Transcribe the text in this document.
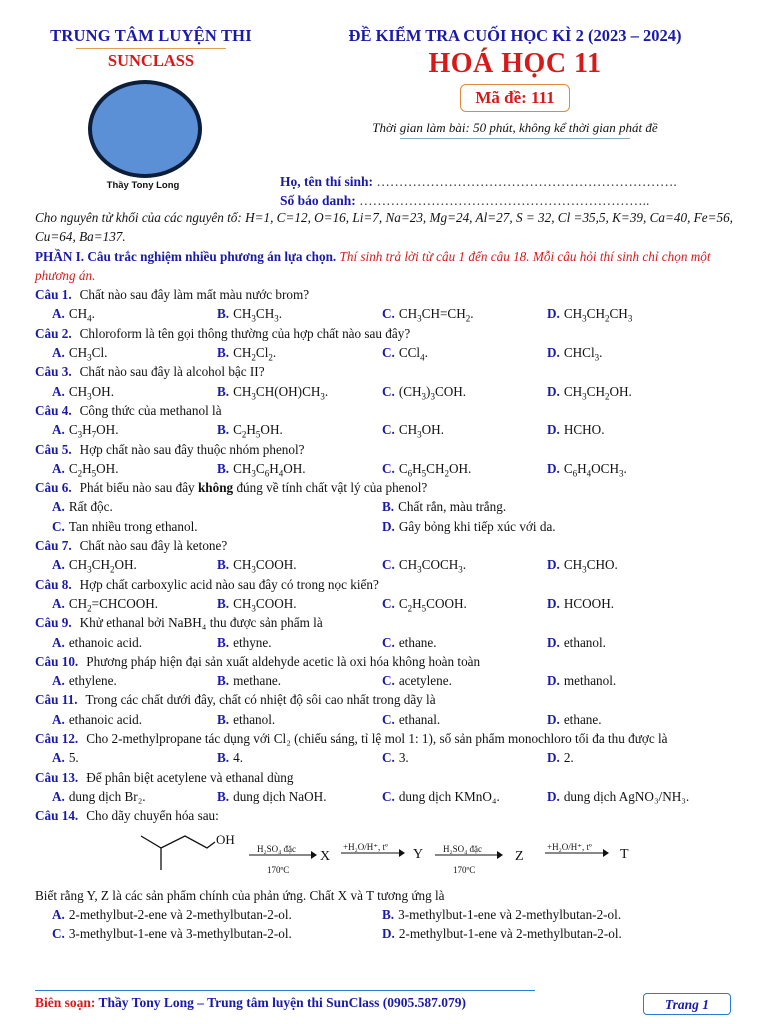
TRUNG TÂM LUYỆN THI
SUNCLASS
Thầy Tony Long
ĐỀ KIỂM TRA CUỐI HỌC KÌ 2 (2023 – 2024)
HOÁ HỌC 11
Mã đề: 111
Thời gian làm bài: 50 phút, không kể thời gian phát đề
Họ, tên thí sinh: ………………………………………………………….
Số báo danh: ………………………………………………………..

Cho nguyên tử khối của các nguyên tố: H=1, C=12, O=16, Li=7, Na=23, Mg=24, Al=27, S = 32, Cl =35,5, K=39, Ca=40, Fe=56, Cu=64, Ba=137.

PHẦN I. Câu trắc nghiệm nhiều phương án lựa chọn. Thí sinh trả lời từ câu 1 đến câu 18. Mỗi câu hỏi thí sinh chỉ chọn một phương án.

Câu 1. Chất nào sau đây làm mất màu nước brom?

A. $CH_4$.	B. $CH_3CH_3$.	C. $CH_3CH=CH_2$.	D. $CH_3CH_2CH_3$

Câu 2. Chloroform là tên gọi thông thường của hợp chất nào sau đây?

A. $CH_3Cl$.	B. $CH_2Cl_2$.	C. CCl$_4$.	D. CHCl$_3$.

Câu 3. Chất nào sau đây là alcohol bậc II?

A. $CH_3OH$.	B. $CH_3CH(OH)CH_3$.	C. $(CH_3)_3COH$.	D. $CH_3CH_2OH$.

Câu 4. Công thức của methanol là

A. $C_3H_7OH$.	B. $C_2H_5OH$.	C. $CH_3OH$.	D. HCHO.

Câu 5. Hợp chất nào sau đây thuộc nhóm phenol?

A. $C_2H_5OH$.	B. $CH_3C_6H_4OH$.	C. $C_6H_5CH_2OH$.	D. $C_6H_4OCH_3$.

Câu 6. Phát biểu nào sau đây không đúng về tính chất vật lý của phenol?

A. Rất độc.	B. Chất rắn, màu trắng.
C. Tan nhiều trong ethanol.	D. Gây bỏng khi tiếp xúc với da.

Câu 7. Chất nào sau đây là ketone?

A. $CH_3CH_2OH$.	B. $CH_3COOH$.	C. $CH_3COCH_3$.	D. $CH_3CHO$.

Câu 8. Hợp chất carboxylic acid nào sau đây có trong nọc kiến?

A. $CH_2=CHCOOH$.	B. $CH_3COOH$.	C. $C_2H_5COOH$.	D. HCOOH.

Câu 9. Khử ethanal bởi NaBH₄ thu được sản phẩm là

A. ethanoic acid.	B. ethyne.	C. ethane.	D. ethanol.

Câu 10. Phương pháp hiện đại sản xuất aldehyde acetic là oxi hóa không hoàn toàn

A. ethylene.	B. methane.	C. acetylene.	D. methanol.

Câu 11. Trong các chất dưới đây, chất có nhiệt độ sôi cao nhất trong dãy là

A. ethanoic acid.	B. ethanol.	C. ethanal.	D. ethane.

Câu 12. Cho 2-methylpropane tác dụng với Cl₂ (chiếu sáng, tỉ lệ mol 1: 1), số sản phẩm monochloro tối đa thu được là

A. 5.	B. 4.	C. 3.	D. 2.

Câu 13. Để phân biệt acetylene và ethanal dùng

A. dung dịch Br₂.	B. dung dịch NaOH.	C. dung dịch KMnO₄.	D. dung dịch AgNO₃/NH₃.

Câu 14. Cho dãy chuyển hóa sau:

OH
H₂SO₄ đặc
170ºC
X
+H₂O/H⁺, tº Y H₂SO₄ đặc
170ºC
Z
+H₂O/H⁺, tº T

Biết rằng Y, Z là các sản phẩm chính của phản ứng. Chất X và T tương ứng là

A. 2-methylbut-2-ene và 2-methylbutan-2-ol.	B. 3-methylbut-1-ene và 2-methylbutan-2-ol.
C. 3-methylbut-1-ene và 3-methylbutan-2-ol.	D. 2-methylbut-1-ene và 2-methylbutan-2-ol.
Biên soạn: Thầy Tony Long – Trung tâm luyện thi SunClass (0905.587.079)	Trang 1
